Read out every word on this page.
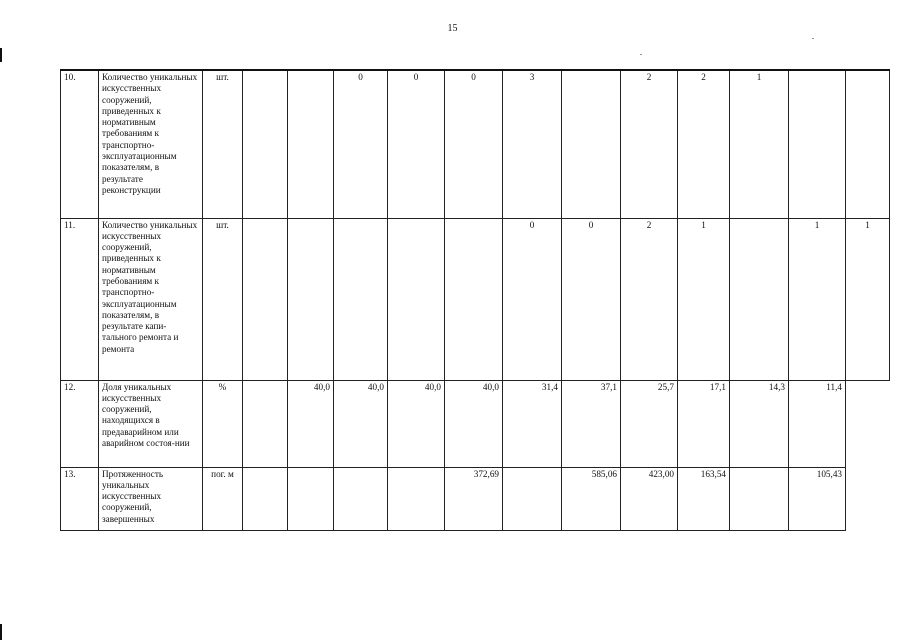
15
10.	Количество уникальных искусственных сооружений, приведенных к нормативным требованиям к транспортно-эксплуатационным показателям, в результате реконструкции	шт.			0	0	0	3		2	2	1		
11.	Количество уникальных искусственных сооружений, приведенных к нормативным требованиям к транспортно-эксплуатационным показателям, в результате капи-тального ремонта и ремонта	шт.						0	0	2	1		1	1
12.	Доля уникальных искусственных сооружений, находящихся в предаварийном или аварийном состоя-нии	%		40,0	40,0	40,0	40,0	31,4	37,1	25,7	17,1	14,3	11,4	
13.	Протяженность уникальных искусственных сооружений, завершенных	пог. м					372,69		585,06	423,00	163,54		105,43	
